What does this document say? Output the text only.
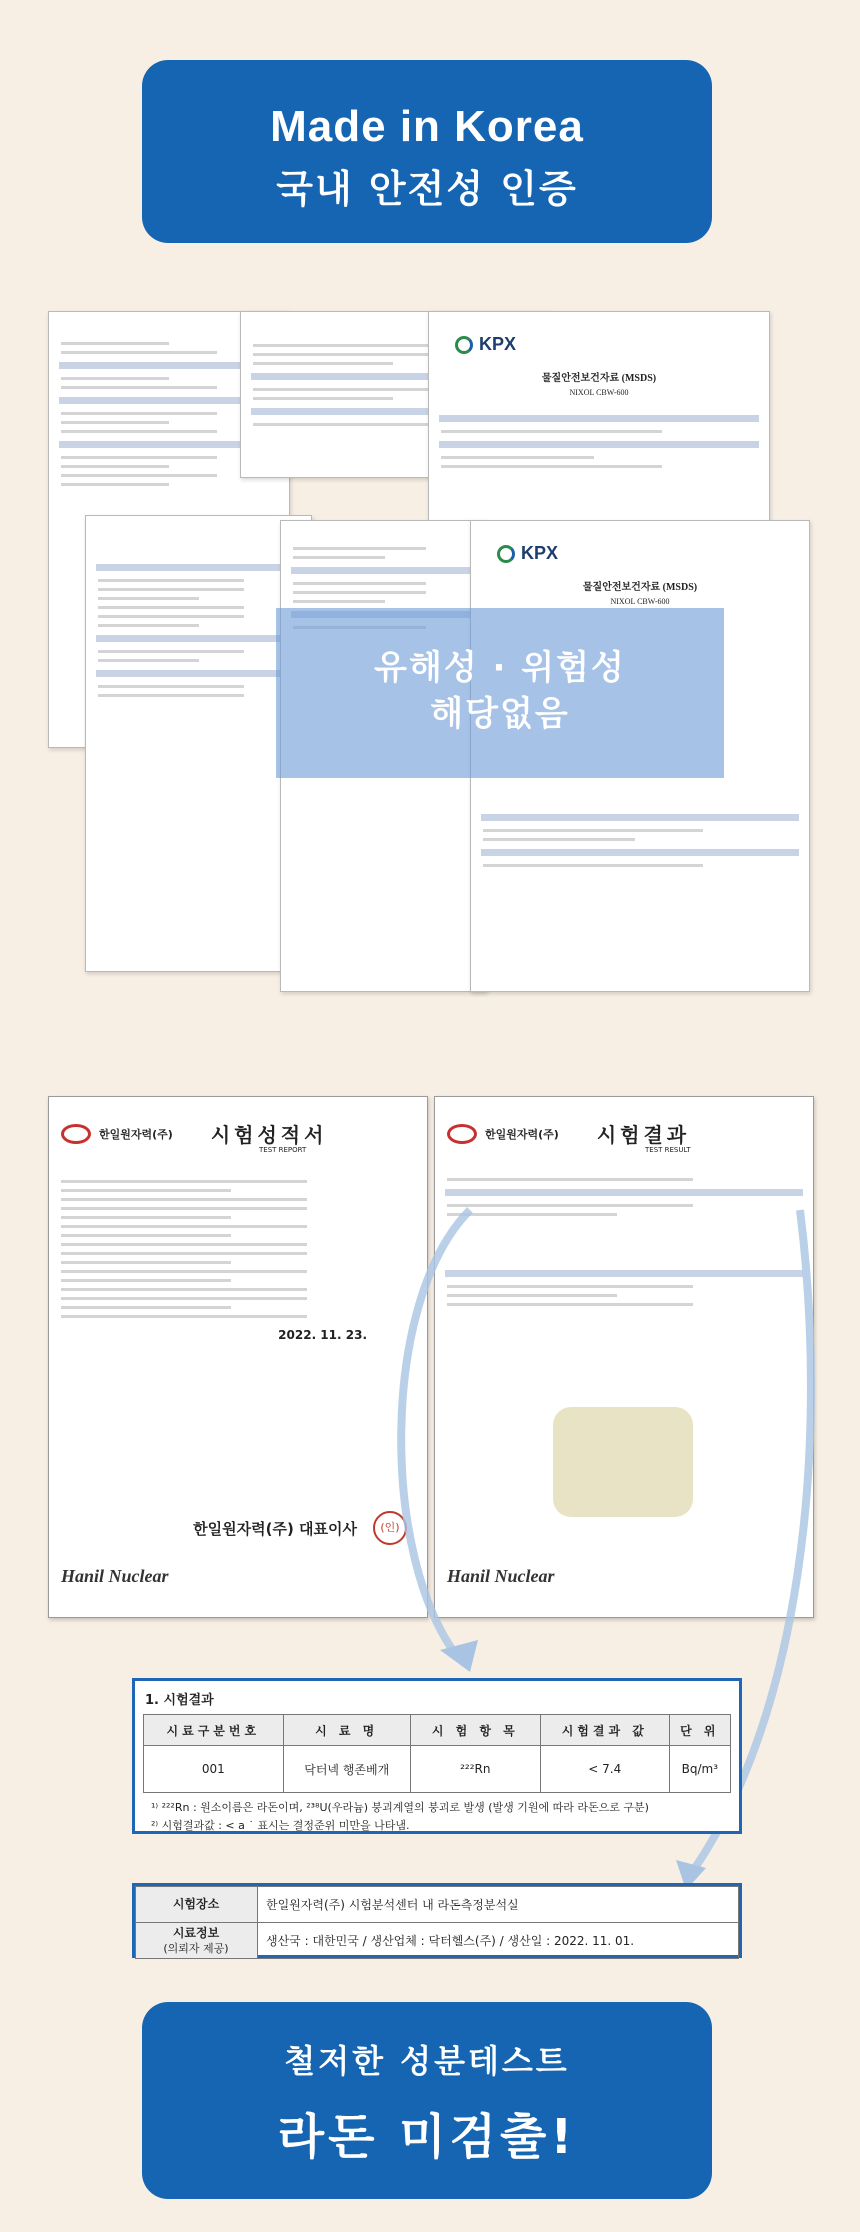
Made in Korea
국내 안전성 인증
KPX
물질안전보건자료 (MSDS)
NIXOL CBW-600
KPX
물질안전보건자료 (MSDS)
NIXOL CBW-600
유해성 · 위험성
해당없음
한일원자력(주) 시험성적서
TEST REPORT
2022. 11. 23.
한일원자력(주) 대표이사	(인)
Hanil Nuclear
한일원자력(주) 시험결과
TEST RESULT
Hanil Nuclear
1. 시험결과
시료구분번호	시 료 명	시 험 항 목	시험결과 값	단 위
001	닥터넥 행존베개	²²²Rn	< 7.4	Bq/m³
¹⁾ ²²²Rn : 원소이름은 라돈이며, ²³⁸U(우라늄) 붕괴계열의 붕괴로 발생 (발생 기원에 따라 라돈으로 구분)
²⁾ 시험결과값 : < a ˙ 표시는 결정준위 미만을 나타냄.
시험장소	한일원자력(주) 시험분석센터 내 라돈측정분석실

시료정보
(의뢰자 제공)	생산국 : 대한민국 / 생산업체 : 닥터헬스(주) / 생산일 : 2022. 11. 01.
철저한 성분테스트
라돈 미검출!
